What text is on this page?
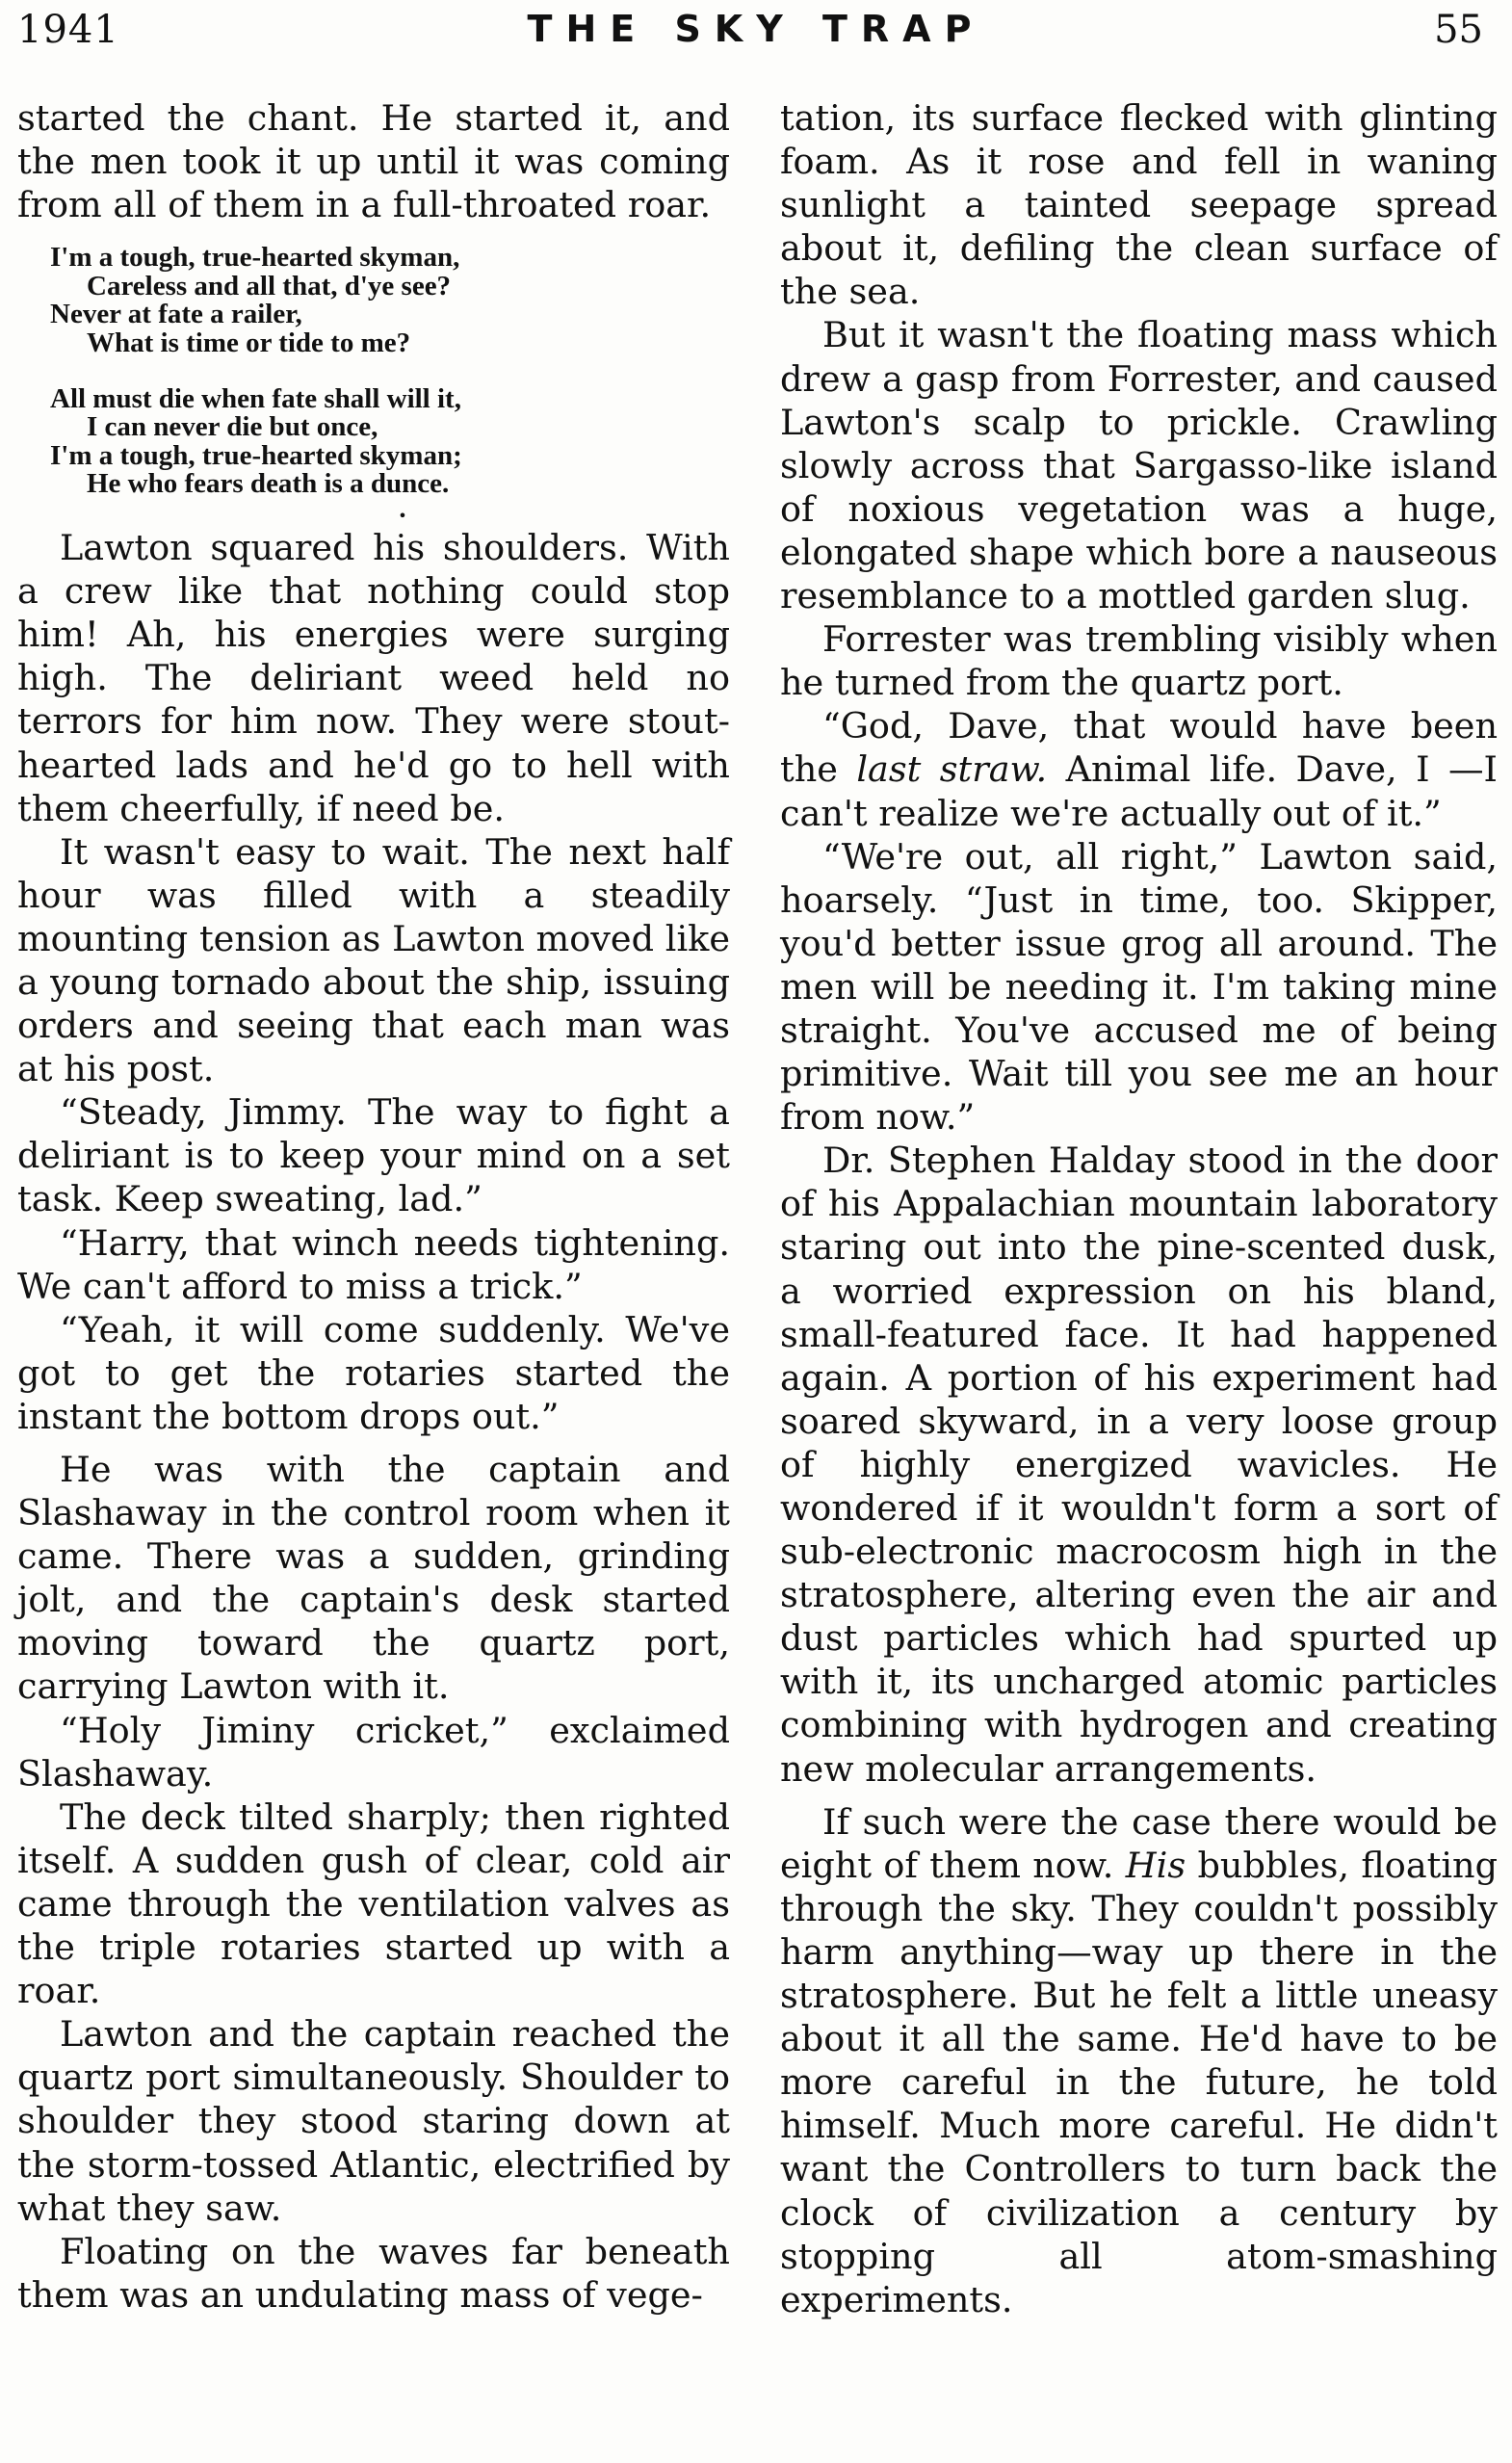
1941	THE SKY TRAP	55

started the chant. He started it, and the men took it up until it was coming from all of them in a full-throated roar.

I'm a tough, true-hearted skyman,
Careless and all that, d'ye see?
Never at fate a railer,
What is time or tide to me?
All must die when fate shall will it,
I can never die but once,
I'm a tough, true-hearted skyman;
He who fears death is a dunce.
•

Lawton squared his shoulders. With a crew like that nothing could stop him! Ah, his energies were surging high. The deliriant weed held no terrors for him now. They were stout-hearted lads and he'd go to hell with them cheerfully, if need be.

It wasn't easy to wait. The next half hour was filled with a steadily mounting tension as Lawton moved like a young tornado about the ship, issuing orders and seeing that each man was at his post.

“Steady, Jimmy. The way to fight a deliriant is to keep your mind on a set task. Keep sweating, lad.”

“Harry, that winch needs tightening. We can't afford to miss a trick.”

“Yeah, it will come suddenly. We've got to get the rotaries started the instant the bottom drops out.”

He was with the captain and Slashaway in the control room when it came. There was a sudden, grinding jolt, and the captain's desk started moving toward the quartz port, carrying Lawton with it.

“Holy Jiminy cricket,” exclaimed Slashaway.

The deck tilted sharply; then righted itself. A sudden gush of clear, cold air came through the ventilation valves as the triple rotaries started up with a roar.

Lawton and the captain reached the quartz port simultaneously. Shoulder to shoulder they stood staring down at the storm-tossed Atlantic, electrified by what they saw.

Floating on the waves far beneath them was an undulating mass of vege-

tation, its surface flecked with glinting foam. As it rose and fell in waning sunlight a tainted seepage spread about it, defiling the clean surface of the sea.

But it wasn't the floating mass which drew a gasp from Forrester, and caused Lawton's scalp to prickle. Crawling slowly across that Sargasso-like island of noxious vegetation was a huge, elongated shape which bore a nauseous resemblance to a mottled garden slug.

Forrester was trembling visibly when he turned from the quartz port.

“God, Dave, that would have been the last straw. Animal life. Dave, I —I can't realize we're actually out of it.”

“We're out, all right,” Lawton said, hoarsely. “Just in time, too. Skipper, you'd better issue grog all around. The men will be needing it. I'm taking mine straight. You've accused me of being primitive. Wait till you see me an hour from now.”

Dr. Stephen Halday stood in the door of his Appalachian mountain laboratory staring out into the pine-scented dusk, a worried expression on his bland, small-featured face. It had happened again. A portion of his experiment had soared skyward, in a very loose group of highly energized wavicles. He wondered if it wouldn't form a sort of sub-electronic macrocosm high in the stratosphere, altering even the air and dust particles which had spurted up with it, its uncharged atomic particles combining with hydrogen and creating new molecular arrangements.

If such were the case there would be eight of them now. His bubbles, floating through the sky. They couldn't possibly harm anything—way up there in the stratosphere. But he felt a little uneasy about it all the same. He'd have to be more careful in the future, he told himself. Much more careful. He didn't want the Controllers to turn back the clock of civilization a century by stopping all atom-smashing experiments.
